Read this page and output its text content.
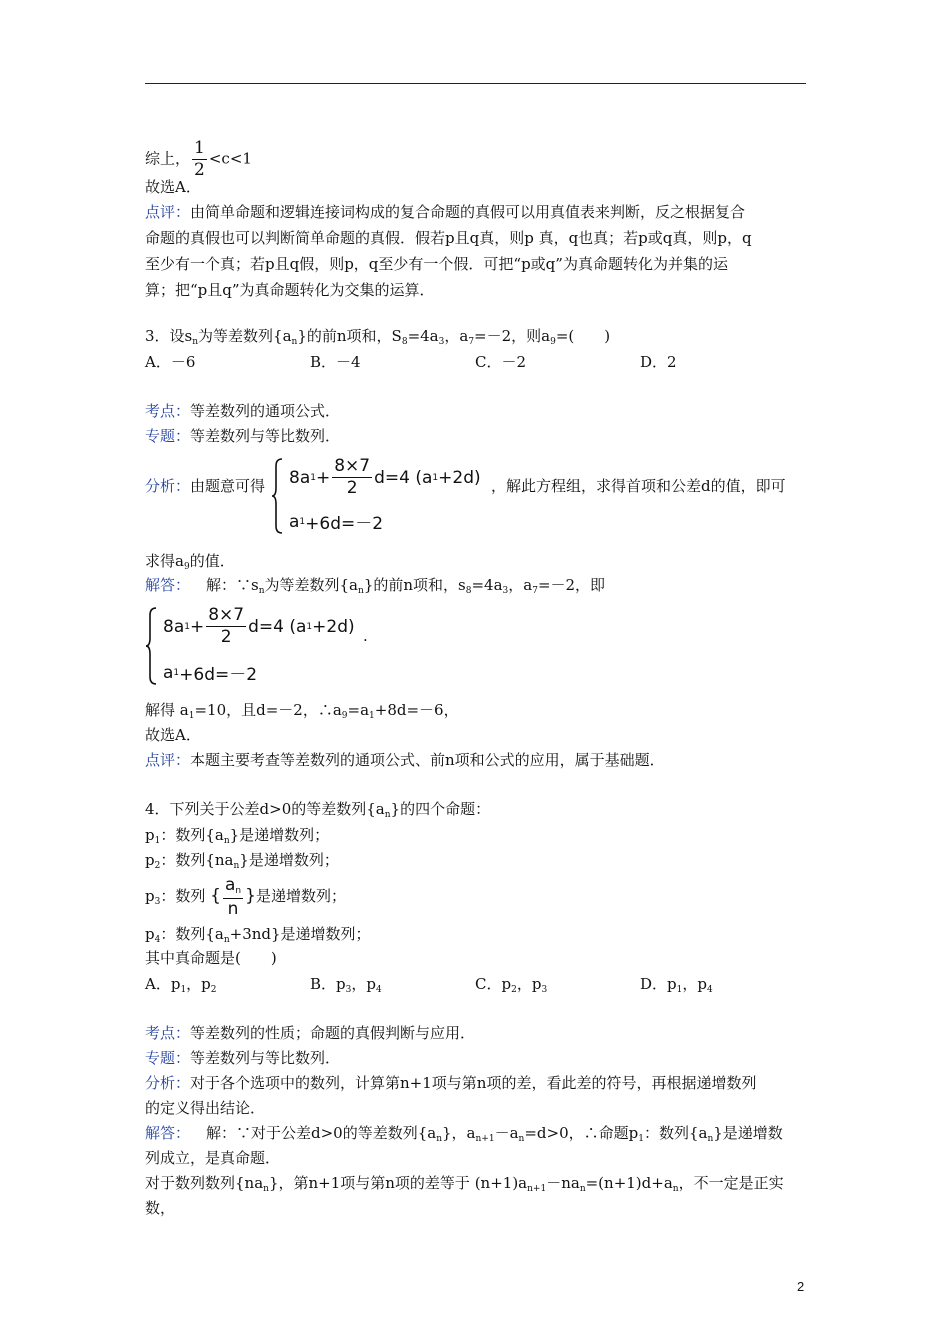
综上， $\frac{1}{2} <c<1$
故选A．
点评：由简单命题和逻辑连接词构成的复合命题的真假可以用真值表来判断，反之根据复合
命题的真假也可以判断简单命题的真假．假若p且q真，则p 真，q也真；若p或q真，则p，q
至少有一个真；若p且q假，则p，q至少有一个假．可把“p或q”为真命题转化为并集的运
算；把“p且q”为真命题转化为交集的运算．
3．设$s_n$为等差数列$\{a_n\}$的前n项和，$S_8=4a_3$，$a_7=-2$，则$a_9=$(　　)
A．－6	B．－4	C．－2	D．2
考点：等差数列的通项公式．
专题：等差数列与等比数列．
分析：由题意可得 8a $1 + \frac{8\times 7}{2} d=4$ (a 1 +2d)
a 1 +6d=－2
，解此方程组，求得首项和公差d的值，即可
求得$a_9$的值．
解答： 解：$\because s_n$为等差数列$\{a_n\}$的前n项和，$s_8=4a_3$，$a_7=-2$，即
8a $1 + \frac{8\times 7}{2} d=4$ (a 1 +2d)
a 1 +6d=－2
.
解得 $a_1=10$，且d=－2，$\therefore a_9=a_1+8d=-6$，
故选A．
点评：本题主要考查等差数列的通项公式、前n项和公式的应用，属于基础题．
4．下列关于公差d>0的等差数列$\{a_n\}$的四个命题：
$p_1$：数列$\{a_n\}$是递增数列；
$p_2$：数列$\{na_n\}$是递增数列；
$p_3$：数列 { $\frac{a_n}{n}$ }是递增数列；
$p_4$：数列$\{a_n+3nd\}$是递增数列；
其中真命题是(　　)
A．$p_1$，$p_2$	B．$p_3$，$p_4$	C．$p_2$，$p_3$	D．$p_1$，$p_4$
考点：等差数列的性质；命题的真假判断与应用．
专题：等差数列与等比数列．
分析：对于各个选项中的数列，计算第n+1项与第n项的差，看此差的符号，再根据递增数列
的定义得出结论．
解答： 解：∵对于公差d>0的等差数列$\{a_n\}$，$a_{n+1}-a_n=d>0$，∴命题$p_1$：数列$\{a_n\}$是递增数
列成立，是真命题．
对于数列数列$\{na_n\}$，第n+1项与第n项的差等于 $(n+1)a_{n+1}-na_n=(n+1)d+a_n$，不一定是正实
数，
2
